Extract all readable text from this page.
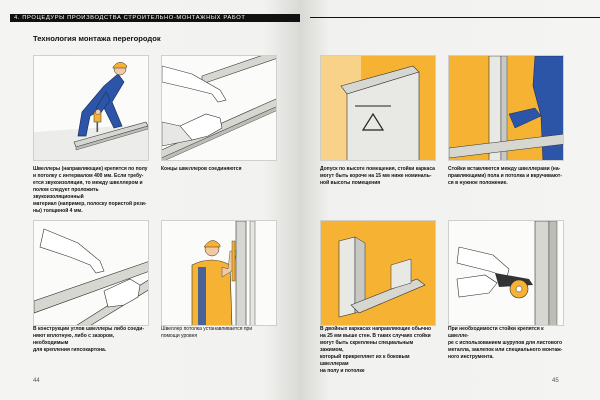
4. ПРОЦЕДУРЫ ПРОИЗВОДСТВА СТРОИТЕЛЬНО-МОНТАЖНЫХ РАБОТ
Технология монтажа перегородок
Швеллеры (направляющие) крепятся по полу
и потолку с интервалом 400 мм. Если требу-
ется звукоизоляция, то между швеллером и
полом следует проложить звукоизоляционный
материал (например, полоску пористой рези-
ны) толщиной 4 мм.
Концы швеллеров соединяются
В конструкции углов швеллеры либо соеди-
няют вплотную, либо с зазором, необходимым
для крепления гипсокартона.
Швеллер потолка устанавливается при
помощи уровня
44
Допуск по высоте помещения, стойки каркаса
могут быть короче на 15 мм ниже номиналь-
ной высоты помещения
Стойки вставляются между швеллерами (на-
правляющими) пола и потолка и вкручивают-
ся в нужное положение.
В двойных каркасах направляющие обычно
на 25 мм выше стен. В таких случаях стойки
могут быть скреплены специальным зажимом,
который прикрепляет их к боковым швеллерам
на полу и потолке
При необходимости стойки крепятся к швелле-
ре с использованием шурупов для листового
металла, заклепок или специального монтаж-
ного инструмента.
45
